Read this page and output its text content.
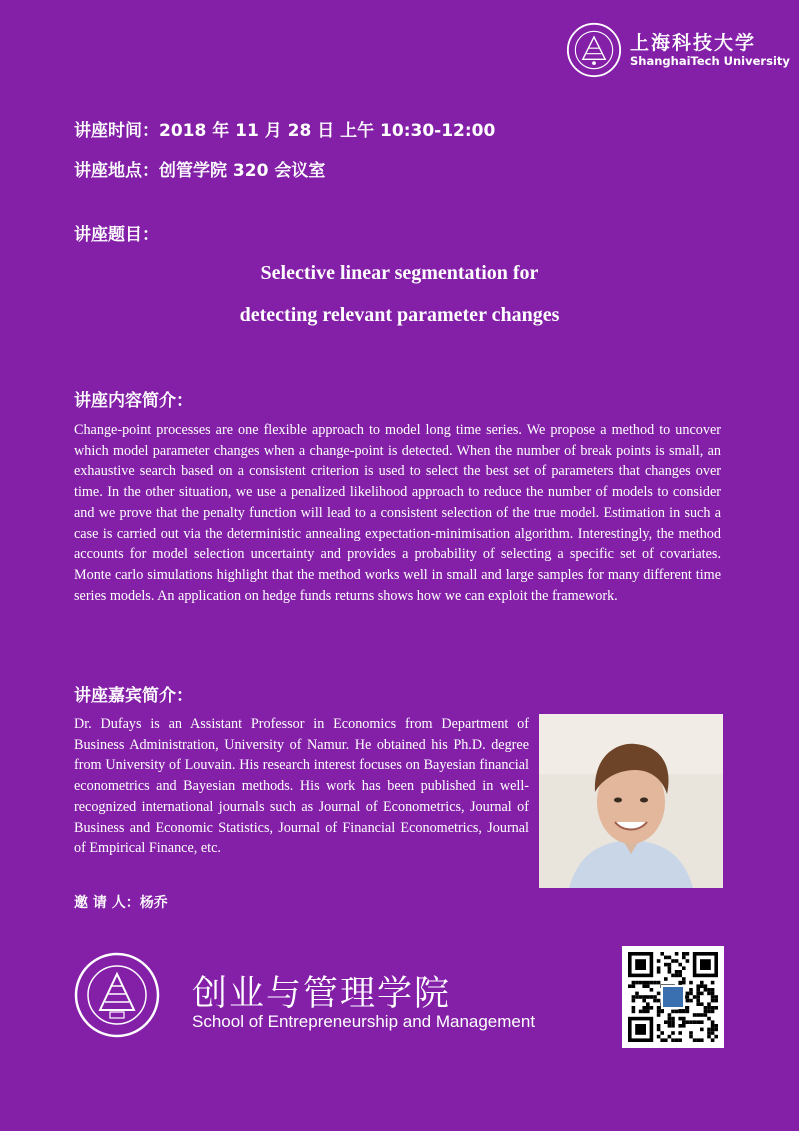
上海科技大学
ShanghaiTech University
讲座时间：2018 年 11 月 28 日 上午 10:30-12:00
讲座地点：创管学院 320 会议室
讲座题目：
Selective linear segmentation for
detecting relevant parameter changes
讲座内容简介：

Change-point processes are one flexible approach to model long time series. We propose a method to uncover which model parameter changes when a change-point is detected. When the number of break points is small, an exhaustive search based on a consistent criterion is used to select the best set of parameters that changes over time. In the other situation, we use a penalized likelihood approach to reduce the number of models to consider and we prove that the penalty function will lead to a consistent selection of the true model. Estimation in such a case is carried out via the deterministic annealing expectation-minimisation algorithm. Interestingly, the method accounts for model selection uncertainty and provides a probability of selecting a specific set of covariates. Monte carlo simulations highlight that the method works well in small and large samples for many different time series models. An application on hedge funds returns shows how we can exploit the framework.

讲座嘉宾简介：

Dr. Dufays is an Assistant Professor in Economics from Department of Business Administration, University of Namur. He obtained his Ph.D. degree from University of Louvain. His research interest focuses on Bayesian financial econometrics and Bayesian methods. His work has been published in well-recognized international journals such as Journal of Econometrics, Journal of Business and Economic Statistics, Journal of Financial Econometrics, Journal of Empirical Finance, etc.

邀 请 人：杨乔
创业与管理学院
School of Entrepreneurship and Management
